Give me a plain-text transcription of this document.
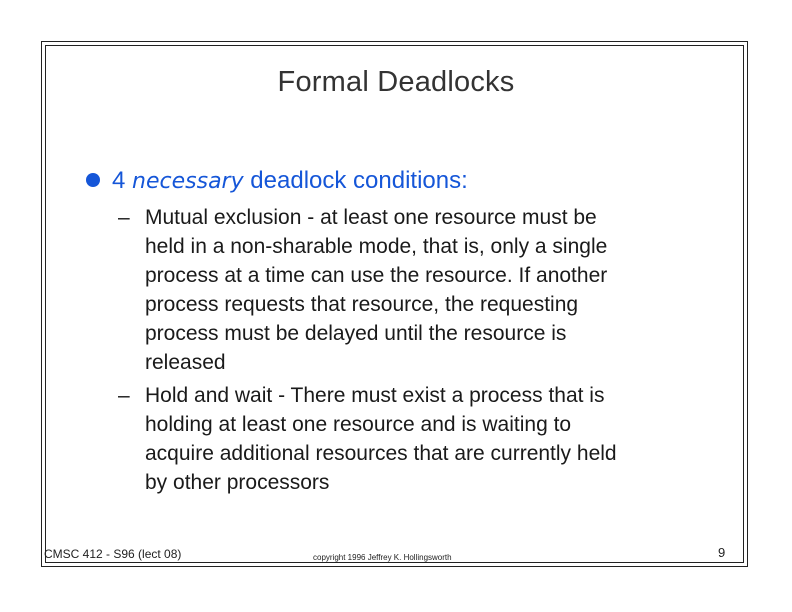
Formal Deadlocks
4 necessary deadlock conditions:
– Mutual exclusion - at least one resource must be
held in a non-sharable mode, that is, only a single
process at a time can use the resource. If another
process requests that resource, the requesting
process must be delayed until the resource is
released
– Hold and wait - There must exist a process that is
holding at least one resource and is waiting to
acquire additional resources that are currently held
by other processors
CMSC 412 - S96 (lect 08)	copyright 1996 Jeffrey K. Hollingsworth	9
